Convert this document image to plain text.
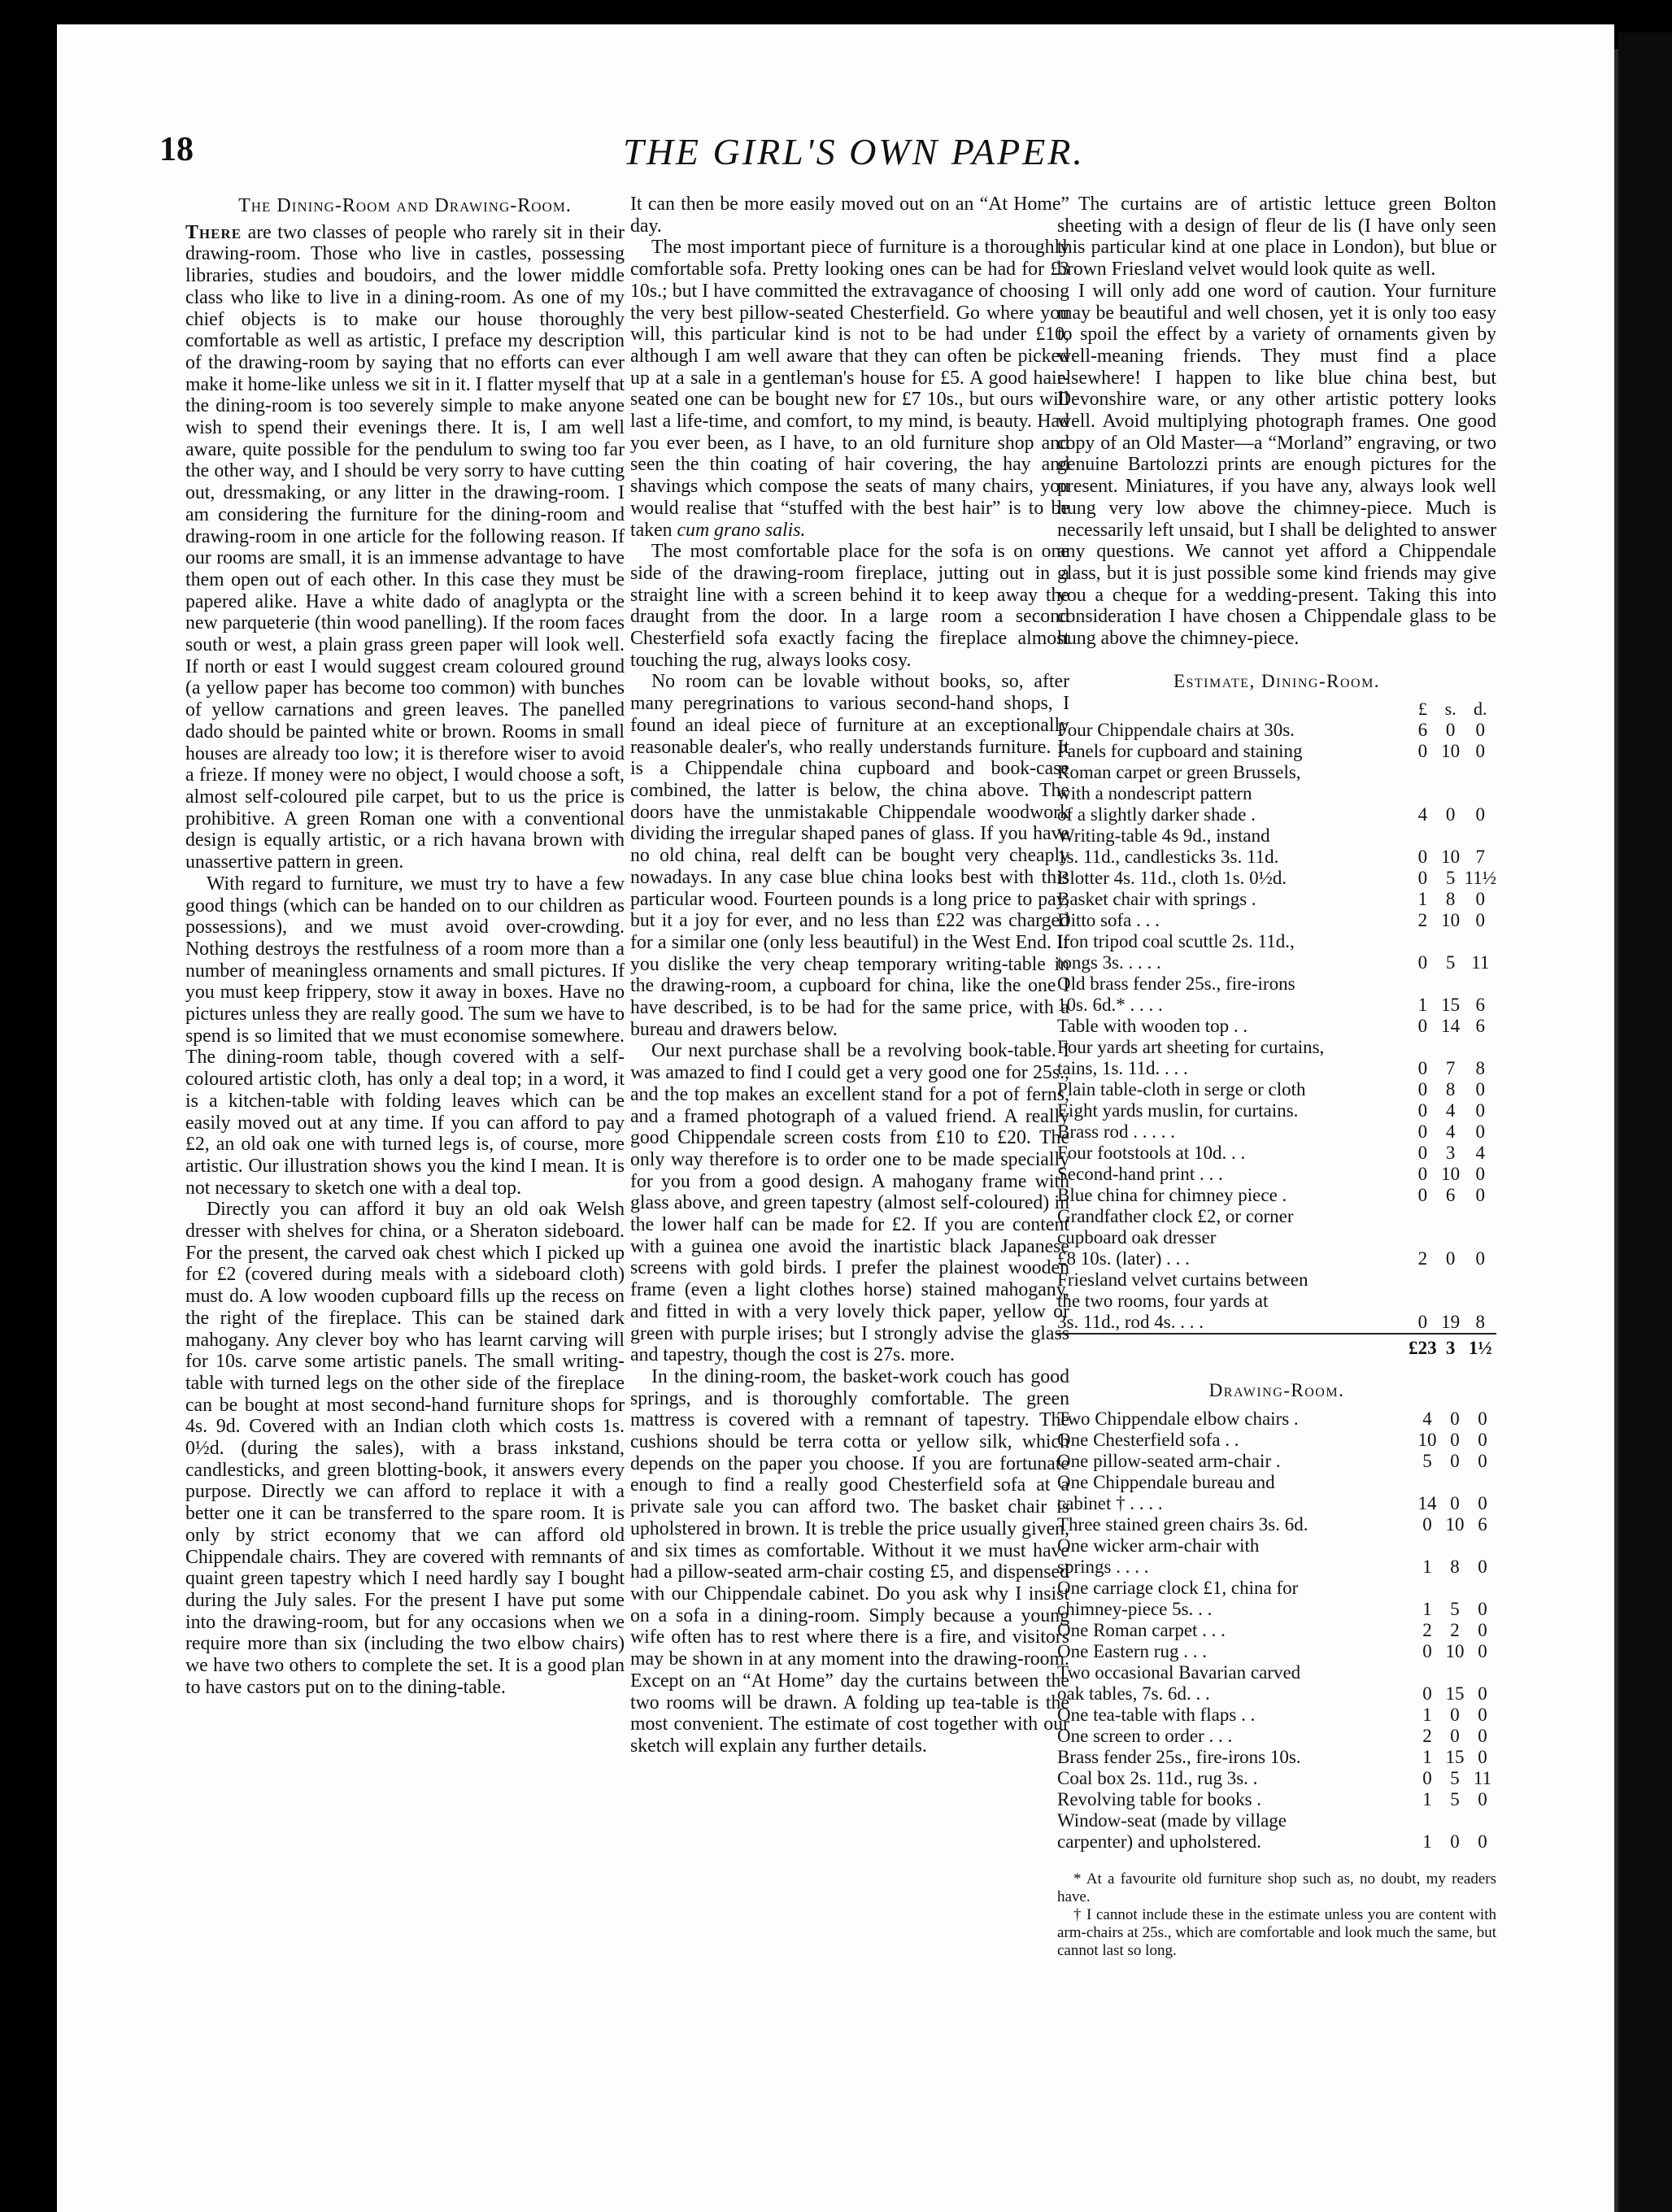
18	THE GIRL'S OWN PAPER.
The Dining-Room and Drawing-Room.

There are two classes of people who rarely sit in their drawing-room. Those who live in castles, possessing libraries, studies and boudoirs, and the lower middle class who like to live in a dining-room. As one of my chief objects is to make our house thoroughly comfortable as well as artistic, I preface my description of the drawing-room by saying that no efforts can ever make it home-like unless we sit in it. I flatter myself that the dining-room is too severely simple to make anyone wish to spend their evenings there. It is, I am well aware, quite possible for the pendulum to swing too far the other way, and I should be very sorry to have cutting out, dressmaking, or any litter in the drawing-room. I am considering the furniture for the dining-room and drawing-room in one article for the following reason. If our rooms are small, it is an immense advantage to have them open out of each other. In this case they must be papered alike. Have a white dado of anaglypta or the new parqueterie (thin wood panelling). If the room faces south or west, a plain grass green paper will look well. If north or east I would suggest cream coloured ground (a yellow paper has become too common) with bunches of yellow carnations and green leaves. The panelled dado should be painted white or brown. Rooms in small houses are already too low; it is therefore wiser to avoid a frieze. If money were no object, I would choose a soft, almost self-coloured pile carpet, but to us the price is prohibitive. A green Roman one with a conventional design is equally artistic, or a rich havana brown with unassertive pattern in green.

With regard to furniture, we must try to have a few good things (which can be handed on to our children as possessions), and we must avoid over-crowding. Nothing destroys the restfulness of a room more than a number of meaningless ornaments and small pictures. If you must keep frippery, stow it away in boxes. Have no pictures unless they are really good. The sum we have to spend is so limited that we must economise somewhere. The dining-room table, though covered with a self-coloured artistic cloth, has only a deal top; in a word, it is a kitchen-table with folding leaves which can be easily moved out at any time. If you can afford to pay £2, an old oak one with turned legs is, of course, more artistic. Our illustration shows you the kind I mean. It is not necessary to sketch one with a deal top.

Directly you can afford it buy an old oak Welsh dresser with shelves for china, or a Sheraton sideboard. For the present, the carved oak chest which I picked up for £2 (covered during meals with a sideboard cloth) must do. A low wooden cupboard fills up the recess on the right of the fireplace. This can be stained dark mahogany. Any clever boy who has learnt carving will for 10s. carve some artistic panels. The small writing-table with turned legs on the other side of the fireplace can be bought at most second-hand furniture shops for 4s. 9d. Covered with an Indian cloth which costs 1s. 0½d. (during the sales), with a brass inkstand, candlesticks, and green blotting-book, it answers every purpose. Directly we can afford to replace it with a better one it can be transferred to the spare room. It is only by strict economy that we can afford old Chippendale chairs. They are covered with remnants of quaint green tapestry which I need hardly say I bought during the July sales. For the present I have put some into the drawing-room, but for any occasions when we require more than six (including the two elbow chairs) we have two others to complete the set. It is a good plan to have castors put on to the dining-table.

It can then be more easily moved out on an “At Home” day.

The most important piece of furniture is a thoroughly comfortable sofa. Pretty looking ones can be had for £3 10s.; but I have committed the extravagance of choosing the very best pillow-seated Chesterfield. Go where you will, this particular kind is not to be had under £10, although I am well aware that they can often be picked up at a sale in a gentleman's house for £5. A good hair-seated one can be bought new for £7 10s., but ours will last a life-time, and comfort, to my mind, is beauty. Had you ever been, as I have, to an old furniture shop and seen the thin coating of hair covering, the hay and shavings which compose the seats of many chairs, you would realise that “stuffed with the best hair” is to be taken cum grano salis.

The most comfortable place for the sofa is on one side of the drawing-room fireplace, jutting out in a straight line with a screen behind it to keep away the draught from the door. In a large room a second Chesterfield sofa exactly facing the fireplace almost touching the rug, always looks cosy.

No room can be lovable without books, so, after many peregrinations to various second-hand shops, I found an ideal piece of furniture at an exceptionally reasonable dealer's, who really understands furniture. It is a Chippendale china cupboard and book-case combined, the latter is below, the china above. The doors have the unmistakable Chippendale woodwork dividing the irregular shaped panes of glass. If you have no old china, real delft can be bought very cheaply nowadays. In any case blue china looks best with this particular wood. Fourteen pounds is a long price to pay, but it a joy for ever, and no less than £22 was charged for a similar one (only less beautiful) in the West End. If you dislike the very cheap temporary writing-table in the drawing-room, a cupboard for china, like the one I have described, is to be had for the same price, with a bureau and drawers below.

Our next purchase shall be a revolving book-table. I was amazed to find I could get a very good one for 25s., and the top makes an excellent stand for a pot of ferns, and a framed photograph of a valued friend. A really good Chippendale screen costs from £10 to £20. The only way therefore is to order one to be made specially for you from a good design. A mahogany frame with glass above, and green tapestry (almost self-coloured) in the lower half can be made for £2. If you are content with a guinea one avoid the inartistic black Japanese screens with gold birds. I prefer the plainest wooden frame (even a light clothes horse) stained mahogany, and fitted in with a very lovely thick paper, yellow or green with purple irises; but I strongly advise the glass and tapestry, though the cost is 27s. more.

In the dining-room, the basket-work couch has good springs, and is thoroughly comfortable. The green mattress is covered with a remnant of tapestry. The cushions should be terra cotta or yellow silk, which depends on the paper you choose. If you are fortunate enough to find a really good Chesterfield sofa at a private sale you can afford two. The basket chair is upholstered in brown. It is treble the price usually given, and six times as comfortable. Without it we must have had a pillow-seated arm-chair costing £5, and dispensed with our Chippendale cabinet. Do you ask why I insist on a sofa in a dining-room. Simply because a young wife often has to rest where there is a fire, and visitors may be shown in at any moment into the drawing-room. Except on an “At Home” day the curtains between the two rooms will be drawn. A folding up tea-table is the most convenient. The estimate of cost together with our sketch will explain any further details.

The curtains are of artistic lettuce green Bolton sheeting with a design of fleur de lis (I have only seen this particular kind at one place in London), but blue or brown Friesland velvet would look quite as well.

I will only add one word of caution. Your furniture may be beautiful and well chosen, yet it is only too easy to spoil the effect by a variety of ornaments given by well-meaning friends. They must find a place elsewhere! I happen to like blue china best, but Devonshire ware, or any other artistic pottery looks well. Avoid multiplying photograph frames. One good copy of an Old Master—a “Morland” engraving, or two genuine Bartolozzi prints are enough pictures for the present. Miniatures, if you have any, always look well hung very low above the chimney-piece. Much is necessarily left unsaid, but I shall be delighted to answer any questions. We cannot yet afford a Chippendale glass, but it is just possible some kind friends may give you a cheque for a wedding-present. Taking this into consideration I have chosen a Chippendale glass to be hung above the chimney-piece.

Estimate, Dining-Room.
	£	s.	d.
Four Chippendale chairs at 30s.	6	0	0
Panels for cupboard and staining	0	10	0
Roman carpet or green Brussels,			
with a nondescript pattern			
of a slightly darker shade .	4	0	0
Writing-table 4s 9d., instand			
1s. 11d., candlesticks 3s. 11d.	0	10	7
Blotter 4s. 11d., cloth 1s. 0½d.	0	5	11½
Basket chair with springs .	1	8	0
Ditto sofa . . .	2	10	0
Iron tripod coal scuttle 2s. 11d.,			
tongs 3s. . . . .	0	5	11
Old brass fender 25s., fire-irons			
10s. 6d.* . . . .	1	15	6
Table with wooden top . .	0	14	6
Four yards art sheeting for curtains,			
tains, 1s. 11d. . . .	0	7	8
Plain table-cloth in serge or cloth	0	8	0
Eight yards muslin, for curtains.	0	4	0
Brass rod . . . . .	0	4	0
Four footstools at 10d. . .	0	3	4
Second-hand print . . .	0	10	0
Blue china for chimney piece .	0	6	0
Grandfather clock £2, or corner			
cupboard oak dresser			
£8 10s. (later) . . .	2	0	0
Friesland velvet curtains between			
the two rooms, four yards at			
3s. 11d., rod 4s. . . .	0	19	8
	£23	3	1½
Drawing-Room.
Two Chippendale elbow chairs .	4	0	0
One Chesterfield sofa . .	10	0	0
One pillow-seated arm-chair .	5	0	0
One Chippendale bureau and			
cabinet † . . . .	14	0	0
Three stained green chairs 3s. 6d.	0	10	6
One wicker arm-chair with			
springs . . . .	1	8	0
One carriage clock £1, china for			
chimney-piece 5s. . .	1	5	0
One Roman carpet . . .	2	2	0
One Eastern rug . . .	0	10	0
Two occasional Bavarian carved			
oak tables, 7s. 6d. . .	0	15	0
One tea-table with flaps . .	1	0	0
One screen to order . . .	2	0	0
Brass fender 25s., fire-irons 10s.	1	15	0
Coal box 2s. 11d., rug 3s. .	0	5	11
Revolving table for books .	1	5	0
Window-seat (made by village			
carpenter) and upholstered.	1	0	0

* At a favourite old furniture shop such as, no doubt, my readers have.

† I cannot include these in the estimate unless you are content with arm-chairs at 25s., which are comfortable and look much the same, but cannot last so long.
